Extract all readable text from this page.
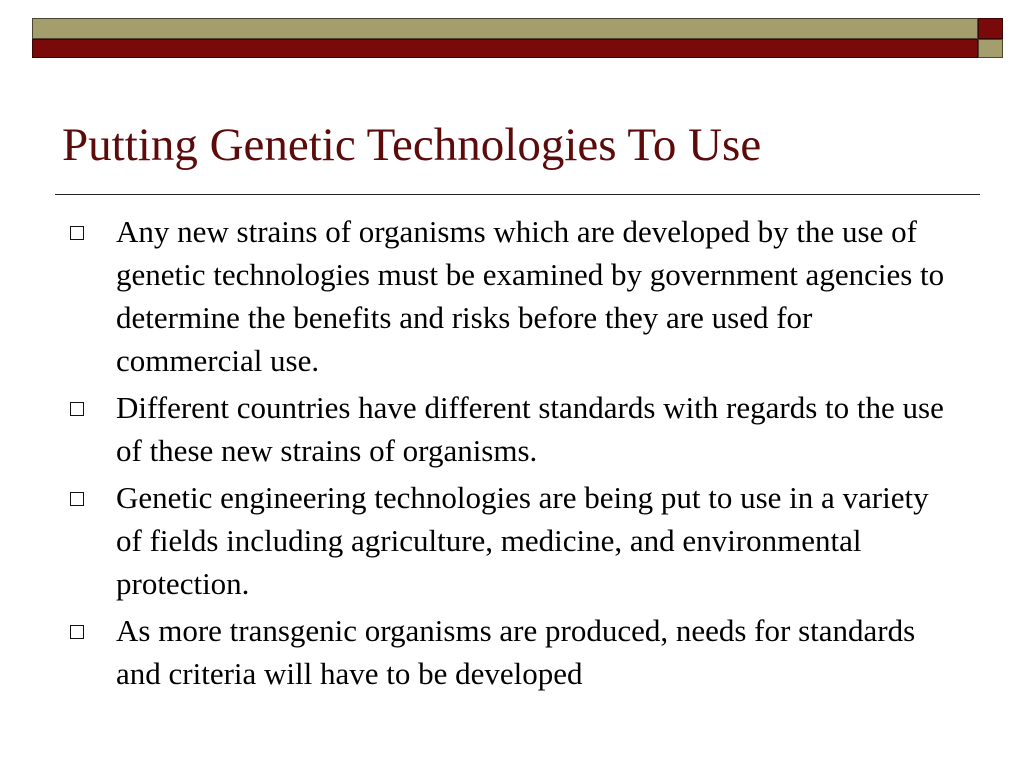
Putting Genetic Technologies To Use
Any new strains of organisms which are developed by the use of genetic technologies must be examined by government agencies to determine the benefits and risks before they are used for commercial use.
Different countries have different standards with regards to the use of these new strains of organisms.
Genetic engineering technologies are being put to use in a variety of fields including agriculture, medicine, and environmental protection.
As more transgenic organisms are produced, needs for standards and criteria will have to be developed
